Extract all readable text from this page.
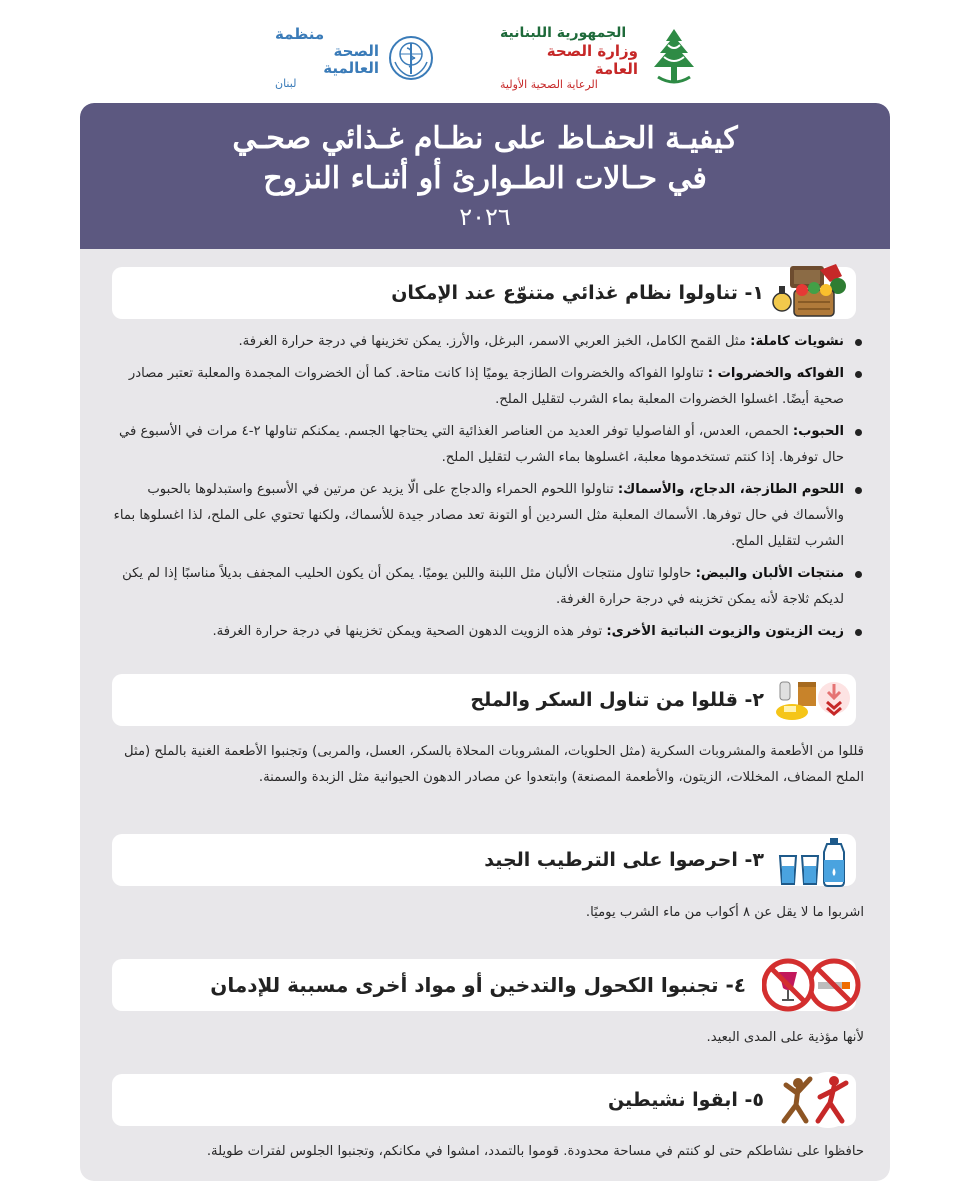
منظمة
الصحة العالمية
لبنان
الجمهورية اللبنانية
وزارة الصحة العامة
الرعاية الصحية الأولية
كيفيـة الحفـاظ على نظـام غـذائي صحـي
في حـالات الطـوارئ أو أثنـاء النزوح
٢٠٢٦
١- تناولوا نظام غذائي متنوّع عند الإمكان
نشويات كاملة: مثل القمح الكامل، الخبز العربي الاسمر، البرغل، والأرز. يمكن تخزينها في درجة حرارة الغرفة.
الفواكه والخضروات : تناولوا الفواكه والخضروات الطازجة يوميًا إذا كانت متاحة. كما أن الخضروات المجمدة والمعلبة تعتبر مصادر صحية أيضًا. اغسلوا الخضروات المعلبة بماء الشرب لتقليل الملح.
الحبوب: الحمص، العدس، أو الفاصوليا توفر العديد من العناصر الغذائية التي يحتاجها الجسم. يمكنكم تناولها ٢-٤ مرات في الأسبوع في حال توفرها. إذا كنتم تستخدموها معلبة، اغسلوها بماء الشرب لتقليل الملح.
اللحوم الطازجة، الدجاج، والأسماك: تناولوا اللحوم الحمراء والدجاج على الّا يزيد عن مرتين في الأسبوع واستبدلوها بالحبوب والأسماك في حال توفرها. الأسماك المعلبة مثل السردين أو التونة تعد مصادر جيدة للأسماك، ولكنها تحتوي على الملح، لذا اغسلوها بماء الشرب لتقليل الملح.
منتجات الألبان والبيض: حاولوا تناول منتجات الألبان مثل اللبنة واللبن يوميًا. يمكن أن يكون الحليب المجفف بديلاً مناسبًا إذا لم يكن لديكم ثلاجة لأنه يمكن تخزينه في درجة حرارة الغرفة.
زيت الزيتون والزيوت النباتية الأخرى: توفر هذه الزويت الدهون الصحية ويمكن تخزينها في درجة حرارة الغرفة.
٢- قللوا من تناول السكر والملح
قللوا من الأطعمة والمشروبات السكرية (مثل الحلويات، المشروبات المحلاة بالسكر، العسل، والمربى) وتجنبوا الأطعمة الغنية بالملح (مثل الملح المضاف، المخللات، الزيتون، والأطعمة المصنعة) وابتعدوا عن مصادر الدهون الحيوانية مثل الزبدة والسمنة.
٣- احرصوا على الترطيب الجيد
اشربوا ما لا يقل عن ٨ أكواب من ماء الشرب يوميًا.
٤- تجنبوا الكحول والتدخين أو مواد أخرى مسببة للإدمان
لأنها مؤذية على المدى البعيد.
٥- ابقوا نشيطين
حافظوا على نشاطكم حتى لو كنتم في مساحة محدودة. قوموا بالتمدد، امشوا في مكانكم، وتجنبوا الجلوس لفترات طويلة.
